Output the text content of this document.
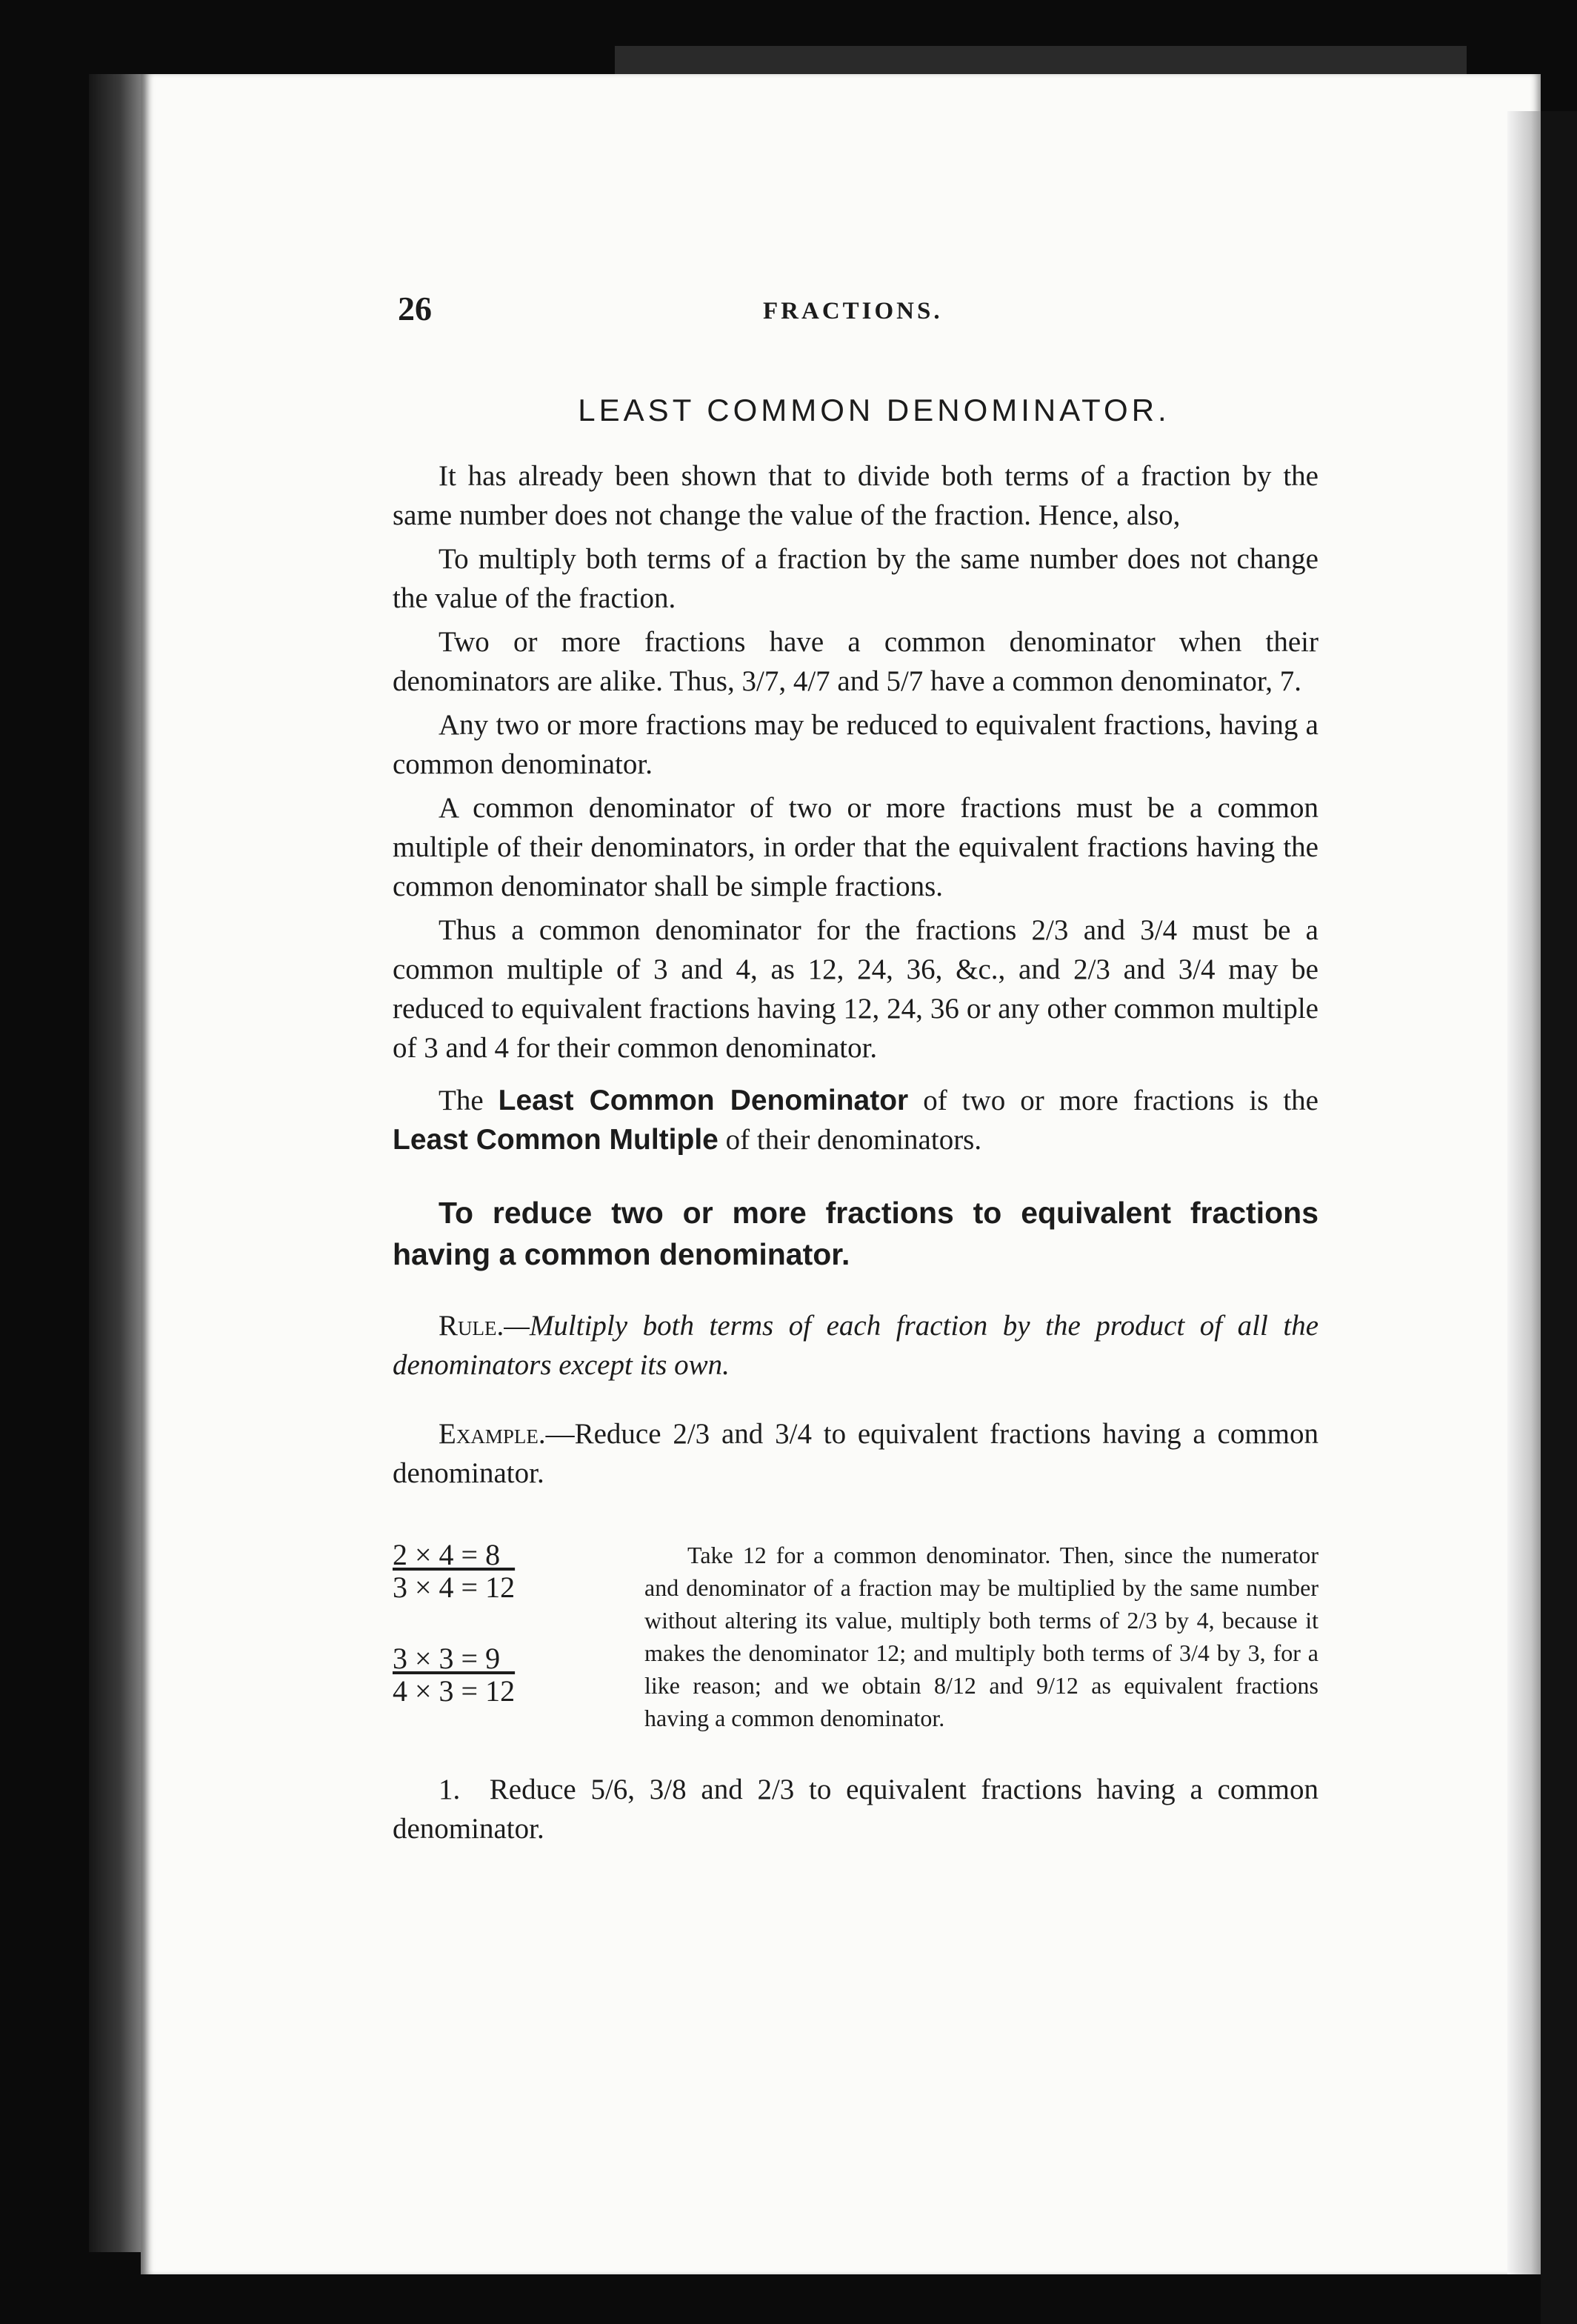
26	FRACTIONS.
LEAST COMMON DENOMINATOR.

It has already been shown that to divide both terms of a fraction by the same number does not change the value of the fraction. Hence, also,

To multiply both terms of a fraction by the same number does not change the value of the fraction.

Two or more fractions have a common denominator when their denominators are alike. Thus, 3/7, 4/7 and 5/7 have a common denominator, 7.

Any two or more fractions may be reduced to equivalent fractions, having a common denominator.

A common denominator of two or more fractions must be a common multiple of their denominators, in order that the equivalent fractions having the common denominator shall be simple fractions.

Thus a common denominator for the fractions 2/3 and 3/4 must be a common multiple of 3 and 4, as 12, 24, 36, &c., and 2/3 and 3/4 may be reduced to equivalent fractions having 12, 24, 36 or any other common multiple of 3 and 4 for their common denominator.

The Least Common Denominator of two or more fractions is the Least Common Multiple of their denominators.

To reduce two or more fractions to equivalent fractions having a common denominator.

Rule.—Multiply both terms of each fraction by the product of all the denominators except its own.

Example.—Reduce 2/3 and 3/4 to equivalent fractions having a common denominator.

2 × 4 = 8
3 × 4 = 12
3 × 3 = 9
4 × 3 = 12
Take 12 for a common denominator. Then, since the numerator and denominator of a fraction may be multiplied by the same number without altering its value, multiply both terms of 2/3 by 4, because it makes the denominator 12; and multiply both terms of 3/4 by 3, for a like reason; and we obtain 8/12 and 9/12 as equivalent fractions having a common denominator.

1. Reduce 5/6, 3/8 and 2/3 to equivalent fractions having a common denominator.
